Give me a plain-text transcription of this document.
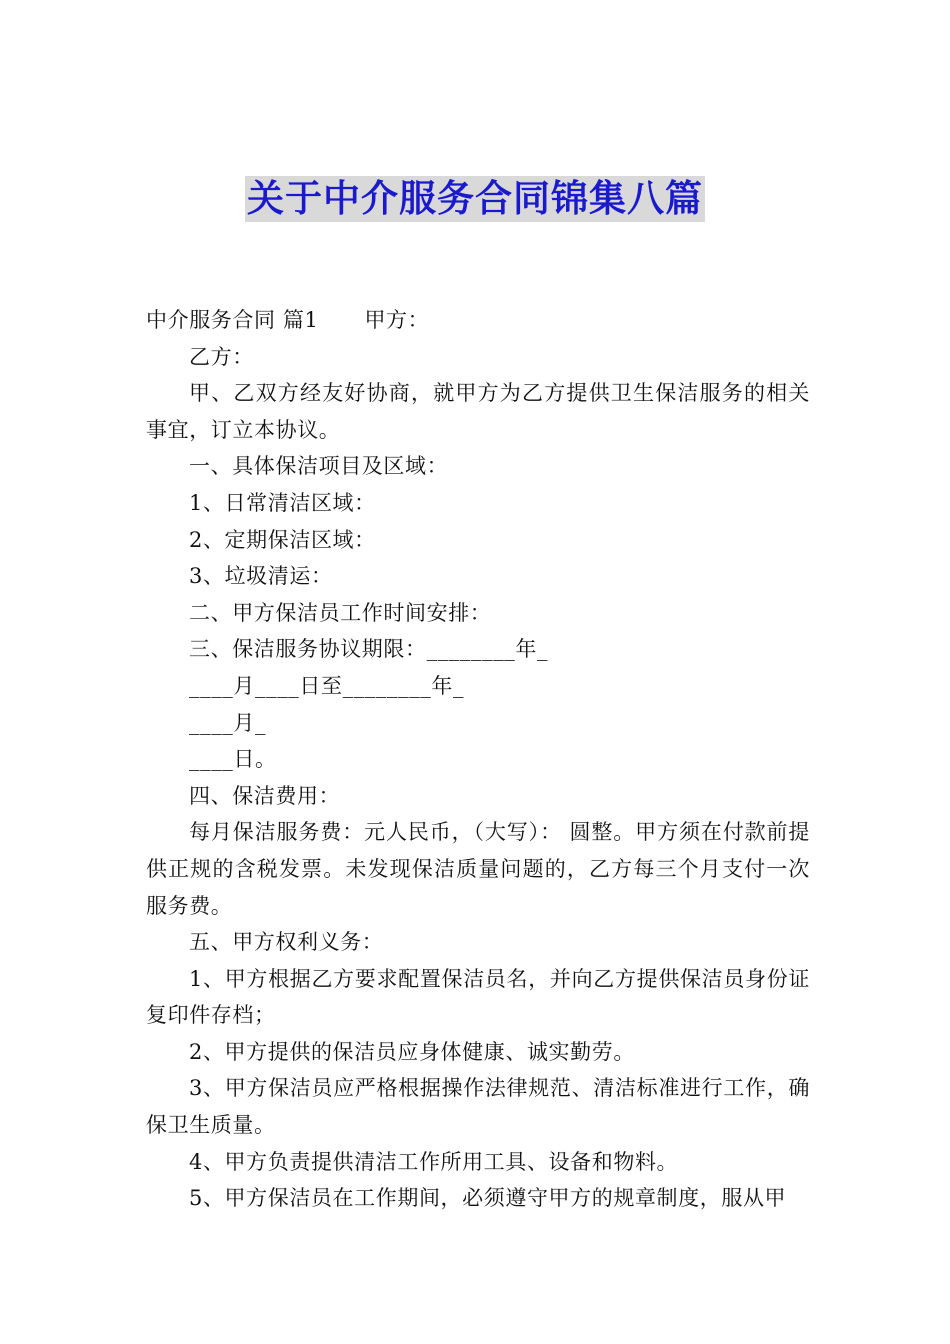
关于中介服务合同锦集八篇

中介服务合同 篇1 甲方：

乙方：

甲、乙双方经友好协商，就甲方为乙方提供卫生保洁服务的相关事宜，订立本协议。

一、具体保洁项目及区域：

1、日常清洁区域：

2、定期保洁区域：

3、垃圾清运：

二、甲方保洁员工作时间安排：

三、保洁服务协议期限：________年_

____月____日至________年_

____月_

____日。

四、保洁费用：

每月保洁服务费：元人民币，（大写）： 圆整。甲方须在付款前提供正规的含税发票。未发现保洁质量问题的，乙方每三个月支付一次服务费。

五、甲方权利义务：

1、甲方根据乙方要求配置保洁员名，并向乙方提供保洁员身份证复印件存档；

2、甲方提供的保洁员应身体健康、诚实勤劳。

3、甲方保洁员应严格根据操作法律规范、清洁标准进行工作，确保卫生质量。

4、甲方负责提供清洁工作所用工具、设备和物料。

5、甲方保洁员在工作期间，必须遵守甲方的规章制度，服从甲
